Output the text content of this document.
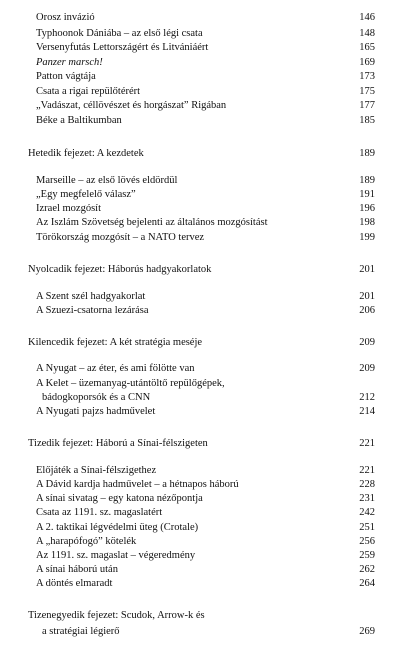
Orosz invázió	146
Typhoonok Dániába – az első légi csata	148
Versenyfutás Lettországért és Litvániáért	165
Panzer marsch!	169
Patton vágtája	173
Csata a rigai repülőtérért	175
„Vadászat, céllövészet és horgászat” Rigában	177
Béke a Baltikumban	185
Hetedik fejezet: A kezdetek	189
Marseille – az első lövés eldördül	189
„Egy megfelelő válasz”	191
Izrael mozgósít	196
Az Iszlám Szövetség bejelenti az általános mozgósítást	198
Törökország mozgósít – a NATO tervez	199
Nyolcadik fejezet: Háborús hadgyakorlatok	201
A Szent szél hadgyakorlat	201
A Szuezi-csatorna lezárása	206
Kilencedik fejezet: A két stratégia meséje	209
A Nyugat – az éter, és ami fölötte van	209
A Kelet – üzemanyag-utántöltő repülőgépek,
bádogkoporsók és a CNN	212
A Nyugati pajzs hadművelet	214
Tizedik fejezet: Háború a Sínai-félszigeten	221
Előjáték a Sínai-félszigethez	221
A Dávid kardja hadművelet – a hétnapos háború	228
A sínai sivatag – egy katona nézőpontja	231
Csata az 1191. sz. magaslatért	242
A 2. taktikai légvédelmi üteg (Crotale)	251
A „harapófogó” kötelék	256
Az 1191. sz. magaslat – végeredmény	259
A sínai háború után	262
A döntés elmaradt	264
Tizenegyedik fejezet: Scudok, Arrow-k és
a stratégiai légierő	269
